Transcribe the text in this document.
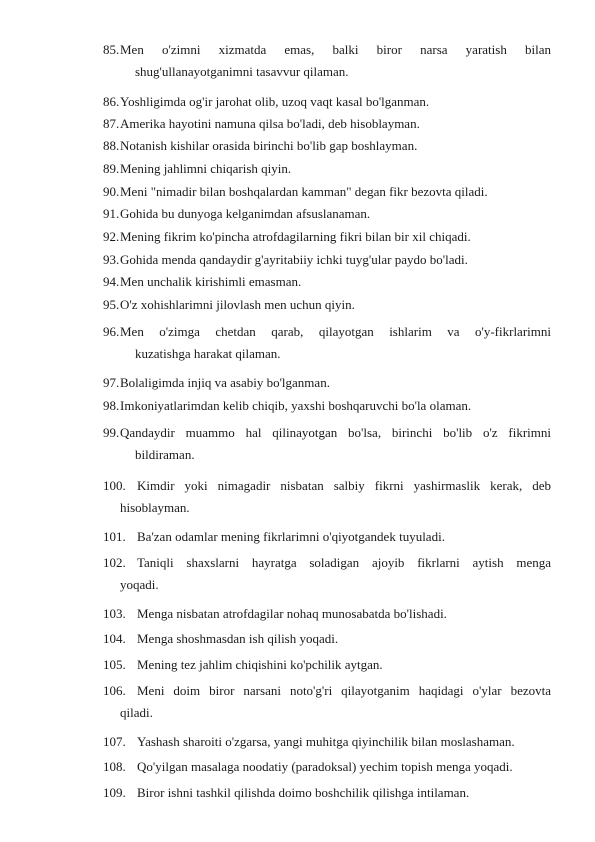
85. Men o'zimni xizmatda emas, balki biror narsa yaratish bilan
shug'ullanayotganimni tasavvur qilaman.
86. Yoshligimda og'ir jarohat olib, uzoq vaqt kasal bo'lganman.
87. Amerika hayotini namuna qilsa bo'ladi, deb hisoblayman.
88. Notanish kishilar orasida birinchi bo'lib gap boshlayman.
89. Mening jahlimni chiqarish qiyin.
90. Meni "nimadir bilan boshqalardan kamman" degan fikr bezovta qiladi.
91. Gohida bu dunyoga kelganimdan afsuslanaman.
92. Mening fikrim ko'pincha atrofdagilarning fikri bilan bir xil chiqadi.
93. Gohida menda qandaydir g'ayritabiiy ichki tuyg'ular paydo bo'ladi.
94. Men unchalik kirishimli emasman.
95. O'z xohishlarimni jilovlash men uchun qiyin.
96. Men o'zimga chetdan qarab, qilayotgan ishlarim va o'y-fikrlarimni
kuzatishga harakat qilaman.
97. Bolaligimda injiq va asabiy bo'lganman.
98. Imkoniyatlarimdan kelib chiqib, yaxshi boshqaruvchi bo'la olaman.
99. Qandaydir muammo hal qilinayotgan bo'lsa, birinchi bo'lib o'z fikrimni
bildiraman.
100. Kimdir yoki nimagadir nisbatan salbiy fikrni yashirmaslik kerak, deb
hisoblayman.
101. Ba'zan odamlar mening fikrlarimni o'qiyotgandek tuyuladi.
102. Taniqli shaxslarni hayratga soladigan ajoyib fikrlarni aytish menga
yoqadi.
103. Menga nisbatan atrofdagilar nohaq munosabatda bo'lishadi.
104. Menga shoshmasdan ish qilish yoqadi.
105. Mening tez jahlim chiqishini ko'pchilik aytgan.
106. Meni doim biror narsani noto'g'ri qilayotganim haqidagi o'ylar bezovta
qiladi.
107. Yashash sharoiti o'zgarsa, yangi muhitga qiyinchilik bilan moslashaman.
108. Qo'yilgan masalaga noodatiy (paradoksal) yechim topish menga yoqadi.
109. Biror ishni tashkil qilishda doimo boshchilik qilishga intilaman.
